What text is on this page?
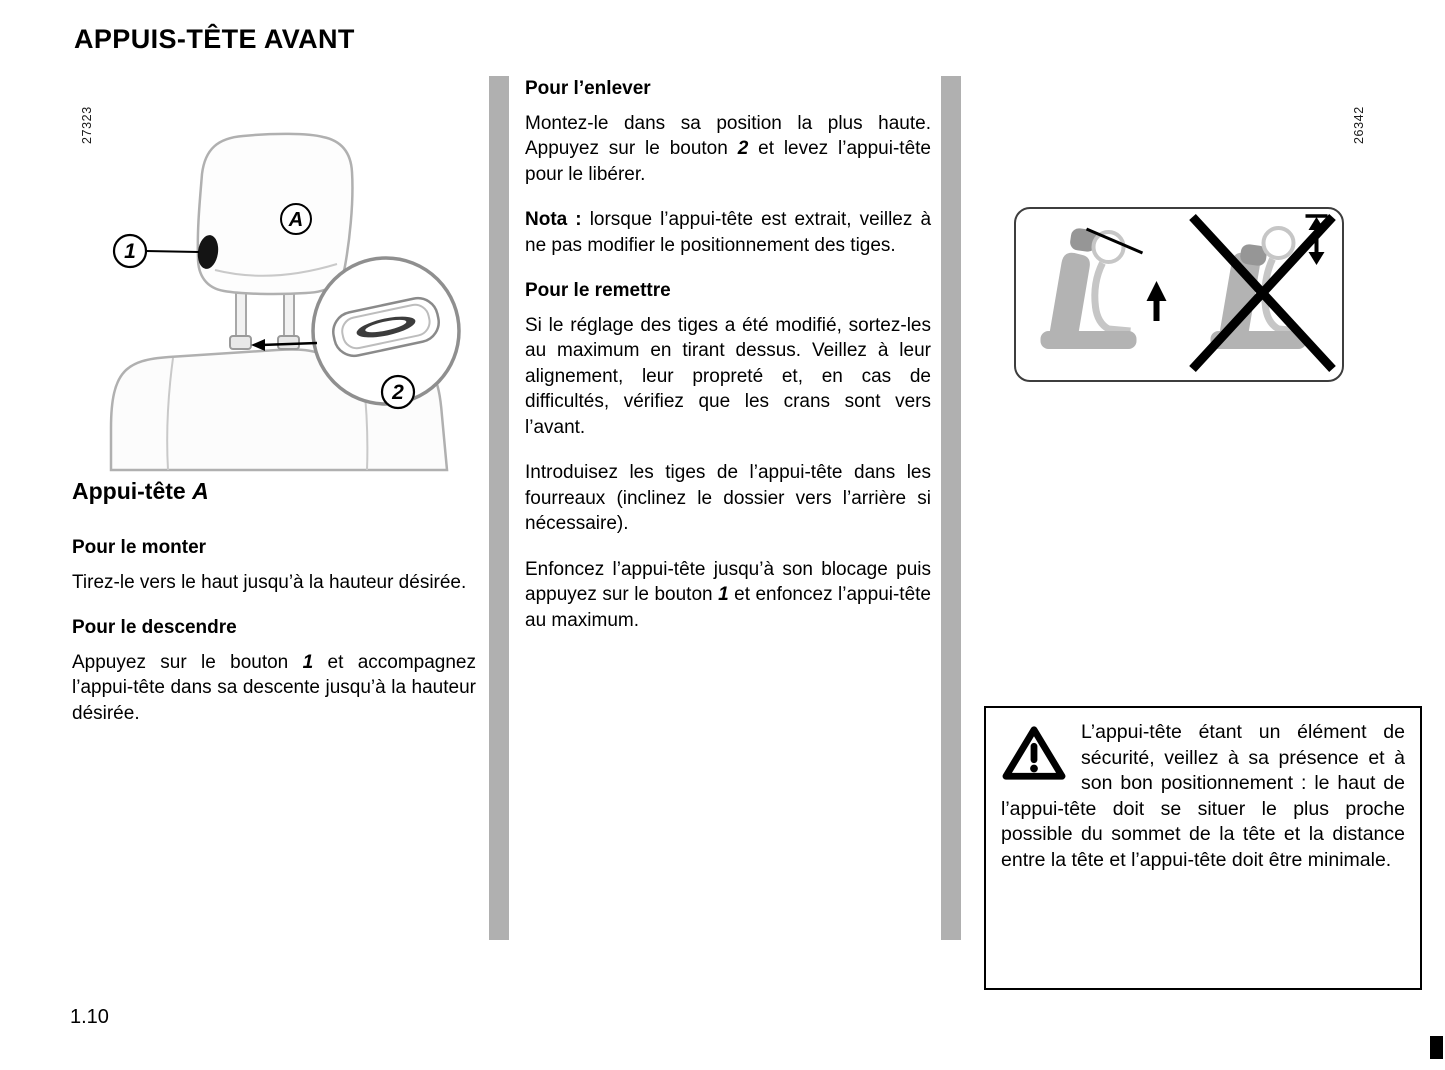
APPUIS-TÊTE AVANT
27323	26342
A
1
2
Appui-tête A
Pour le monter

Tirez-le vers le haut jusqu’à la hauteur désirée.

Pour le descendre

Appuyez sur le bouton 1 et accompagnez l’appui-tête dans sa descente jusqu’à la hauteur désirée.

Pour l’enlever

Montez-le dans sa position la plus haute. Appuyez sur le bouton 2 et levez l’appui-tête pour le libérer.

Nota : lorsque l’appui-tête est extrait, veillez à ne pas modifier le positionnement des tiges.

Pour le remettre

Si le réglage des tiges a été modifié, sortez-les au maximum en tirant dessus. Veillez à leur alignement, leur propreté et, en cas de difficultés, vérifiez que les crans sont vers l’avant.

Introduisez les tiges de l’appui-tête dans les fourreaux (inclinez le dossier vers l’arrière si nécessaire).

Enfoncez l’appui-tête jusqu’à son blocage puis appuyez sur le bouton 1 et enfoncez l’appui-tête au maximum.

L’appui-tête étant un élément de sécurité, veillez à sa présence et à son bon positionnement : le haut de l’appui-tête doit se situer le plus proche possible du sommet de la tête et la distance entre la tête et l’appui-tête doit être minimale.
1.10
